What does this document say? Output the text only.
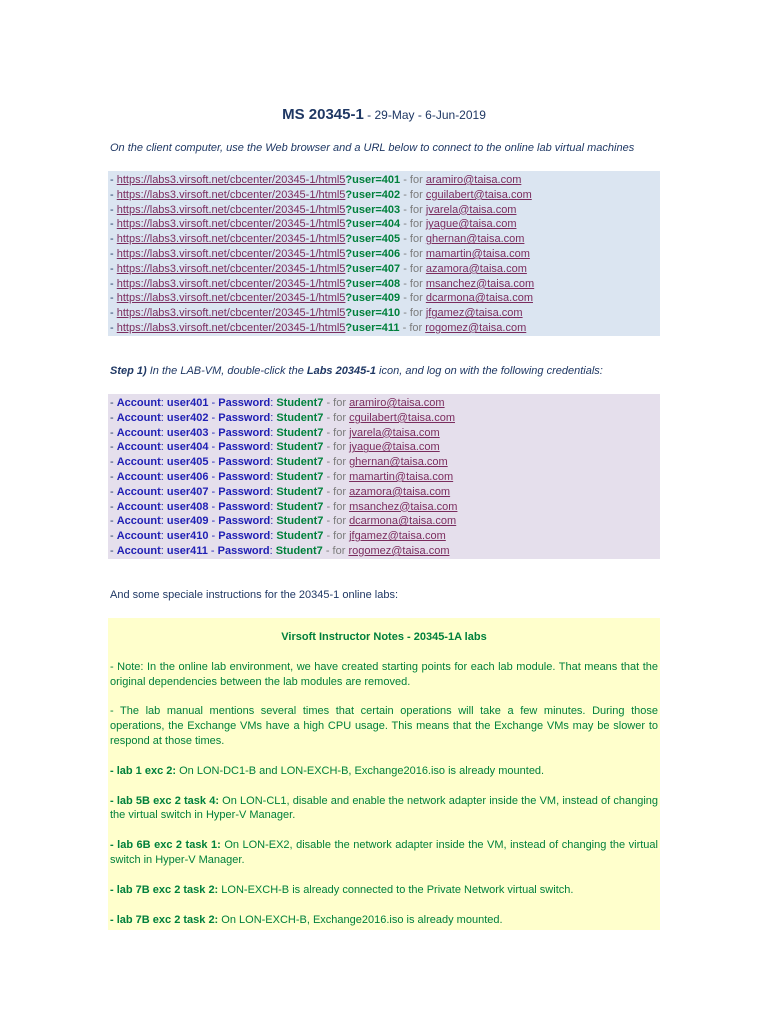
MS 20345-1 - 29-May - 6-Jun-2019
On the client computer, use the Web browser and a URL below to connect to the online lab virtual machines
- https://labs3.virsoft.net/cbcenter/20345-1/html5?user=401 - for aramiro@taisa.com
- https://labs3.virsoft.net/cbcenter/20345-1/html5?user=402 - for cguilabert@taisa.com
- https://labs3.virsoft.net/cbcenter/20345-1/html5?user=403 - for jvarela@taisa.com
- https://labs3.virsoft.net/cbcenter/20345-1/html5?user=404 - for jyague@taisa.com
- https://labs3.virsoft.net/cbcenter/20345-1/html5?user=405 - for ghernan@taisa.com
- https://labs3.virsoft.net/cbcenter/20345-1/html5?user=406 - for mamartin@taisa.com
- https://labs3.virsoft.net/cbcenter/20345-1/html5?user=407 - for azamora@taisa.com
- https://labs3.virsoft.net/cbcenter/20345-1/html5?user=408 - for msanchez@taisa.com
- https://labs3.virsoft.net/cbcenter/20345-1/html5?user=409 - for dcarmona@taisa.com
- https://labs3.virsoft.net/cbcenter/20345-1/html5?user=410 - for jfgamez@taisa.com
- https://labs3.virsoft.net/cbcenter/20345-1/html5?user=411 - for rogomez@taisa.com
Step 1) In the LAB-VM, double-click the Labs 20345-1 icon, and log on with the following credentials:
- Account: user401 - Password: Student7 - for aramiro@taisa.com
- Account: user402 - Password: Student7 - for cguilabert@taisa.com
- Account: user403 - Password: Student7 - for jvarela@taisa.com
- Account: user404 - Password: Student7 - for jyague@taisa.com
- Account: user405 - Password: Student7 - for ghernan@taisa.com
- Account: user406 - Password: Student7 - for mamartin@taisa.com
- Account: user407 - Password: Student7 - for azamora@taisa.com
- Account: user408 - Password: Student7 - for msanchez@taisa.com
- Account: user409 - Password: Student7 - for dcarmona@taisa.com
- Account: user410 - Password: Student7 - for jfgamez@taisa.com
- Account: user411 - Password: Student7 - for rogomez@taisa.com
And some speciale instructions for the 20345-1 online labs:
Virsoft Instructor Notes - 20345-1A labs
- Note: In the online lab environment, we have created starting points for each lab module. That means that the original dependencies between the lab modules are removed.
- The lab manual mentions several times that certain operations will take a few minutes. During those operations, the Exchange VMs have a high CPU usage. This means that the Exchange VMs may be slower to respond at those times.
- lab 1 exc 2: On LON-DC1-B and LON-EXCH-B, Exchange2016.iso is already mounted.
- lab 5B exc 2 task 4: On LON-CL1, disable and enable the network adapter inside the VM, instead of changing the virtual switch in Hyper-V Manager.
- lab 6B exc 2 task 1: On LON-EX2, disable the network adapter inside the VM, instead of changing the virtual switch in Hyper-V Manager.
- lab 7B exc 2 task 2: LON-EXCH-B is already connected to the Private Network virtual switch.
- lab 7B exc 2 task 2: On LON-EXCH-B, Exchange2016.iso is already mounted.
